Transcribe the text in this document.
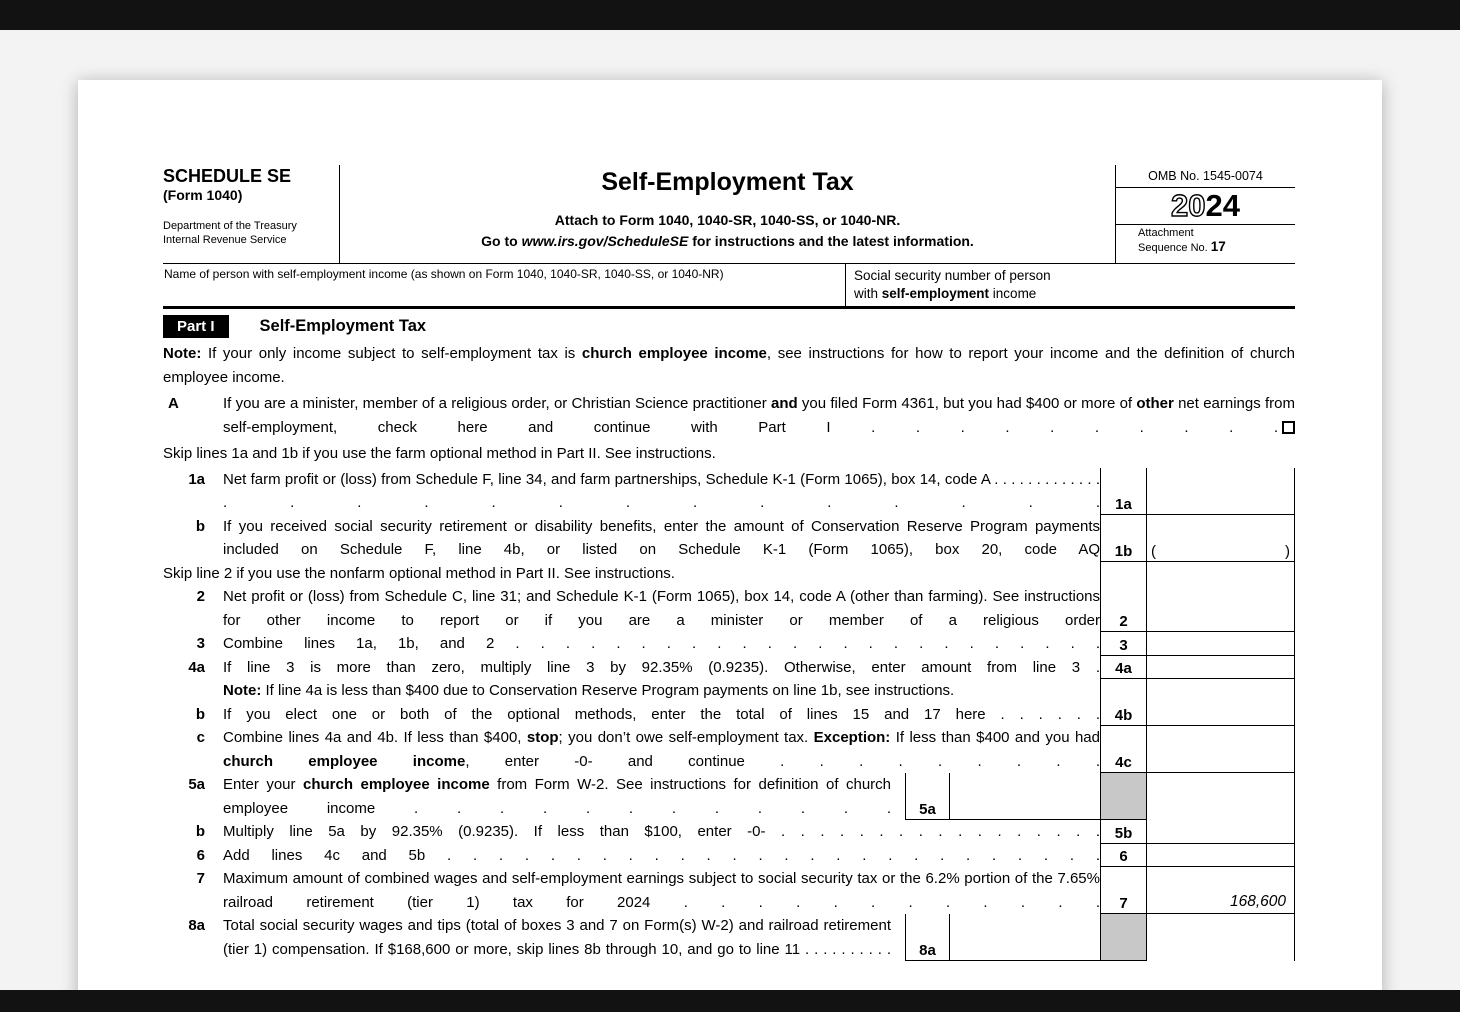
SCHEDULE SE
(Form 1040)
Department of the Treasury
Internal Revenue Service
Self-Employment Tax
Attach to Form 1040, 1040-SR, 1040-SS, or 1040-NR.
Go to www.irs.gov/ScheduleSE for instructions and the latest information.
OMB No. 1545-0074
2024
Attachment
Sequence No. 17
Name of person with self-employment income (as shown on Form 1040, 1040-SR, 1040-SS, or 1040-NR)	Social security number of person with self-employment income
Part I	Self-Employment Tax
Note: If your only income subject to self-employment tax is church employee income, see instructions for how to report your income and the definition of church employee income.
A	If you are a minister, member of a religious order, or Christian Science practitioner and you filed Form 4361, but you had $400 or more of other net earnings from self-employment, check here and continue with Part I . . . . . . . . . .
Skip lines 1a and 1b if you use the farm optional method in Part II. See instructions.
1a	Net farm profit or (loss) from Schedule F, line 34, and farm partnerships, Schedule K-1 (Form 1065), box 14, code A . . . . . . . . . . . . . . . . . . . . . . . . . . .	1a
b	If you received social security retirement or disability benefits, enter the amount of Conservation Reserve Program payments included on Schedule F, line 4b, or listed on Schedule K-1 (Form 1065), box 20, code AQ 1b	(	)
Skip line 2 if you use the nonfarm optional method in Part II. See instructions.
2	Net profit or (loss) from Schedule C, line 31; and Schedule K-1 (Form 1065), box 14, code A (other than farming). See instructions for other income to report or if you are a minister or member of a religious order	2
3	Combine lines 1a, 1b, and 2 . . . . . . . . . . . . . . . . . . . . . . . .	3
4a	If line 3 is more than zero, multiply line 3 by 92.35% (0.9235). Otherwise, enter amount from line 3 .	4a
Note: If line 4a is less than $400 due to Conservation Reserve Program payments on line 1b, see instructions.
b	If you elect one or both of the optional methods, enter the total of lines 15 and 17 here . . . . . . 4b
c	Combine lines 4a and 4b. If less than $400, stop; you don’t owe self-employment tax. Exception: If less than $400 and you had church employee income, enter -0- and continue . . . . . . . . .	4c
5a	Enter your church employee income from Form W-2. See instructions for definition of church employee income . . . . . . . . . . . .	5a
b	Multiply line 5a by 92.35% (0.9235). If less than $100, enter -0- . . . . . . . . . . . . . . . . . 5b
6	Add lines 4c and 5b . . . . . . . . . . . . . . . . . . . . . . . . . .	6
7	Maximum amount of combined wages and self-employment earnings subject to social security tax or the 6.2% portion of the 7.65% railroad retirement (tier 1) tax for 2024 . . . . . . . . . . . .	7	168,600
8a	Total social security wages and tips (total of boxes 3 and 7 on Form(s) W-2) and railroad retirement (tier 1) compensation. If $168,600 or more, skip lines 8b through 10, and go to line 11 . . . . . . . . . .	8a
